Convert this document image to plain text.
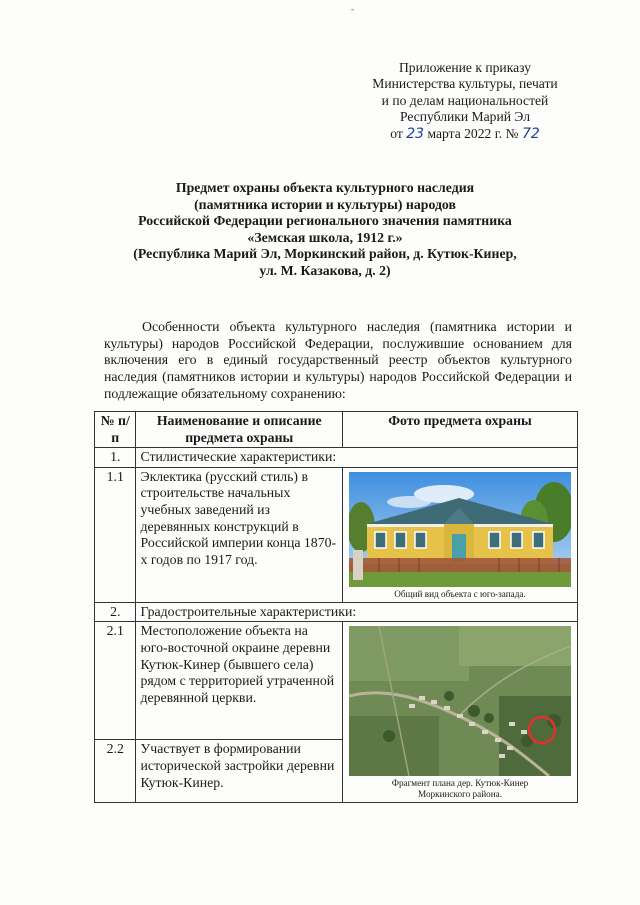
-
Приложение к приказу
Министерства культуры, печати
и по делам национальностей
Республики Марий Эл
от 23 марта 2022 г. № 72
Предмет охраны объекта культурного наследия
(памятника истории и культуры) народов
Российской Федерации регионального значения памятника
«Земская школа, 1912 г.»
(Республика Марий Эл, Моркинский район, д. Кутюк-Кинер,
ул. М. Казакова, д. 2)
Особенности объекта культурного наследия (памятника истории и культуры) народов Российской Федерации, послужившие основанием для включения его в единый государственный реестр объектов культурного наследия (памятников истории и культуры) народов Российской Федерации и подлежащие обязательному сохранению:
№ п/п	Наименование и описание предмета охраны	Фото предмета охраны
1.	Стилистические характеристики:	
1.1	Эклектика (русский стиль) в строительстве начальных учебных заведений из деревянных конструкций в Российской империи конца 1870-х годов по 1917 год.	Общий вид объекта с юго-запада.

2.	Градостроительные характеристики:	
2.1	Местоположение объекта на юго-восточной окраине деревни Кутюк-Кинер (бывшего села) рядом с территорией утраченной деревянной церкви.	Фрагмент плана дер. Кутюк-Кинер
Моркинского района.

2.2	Участвует в формировании исторической застройки деревни Кутюк-Кинер.	
